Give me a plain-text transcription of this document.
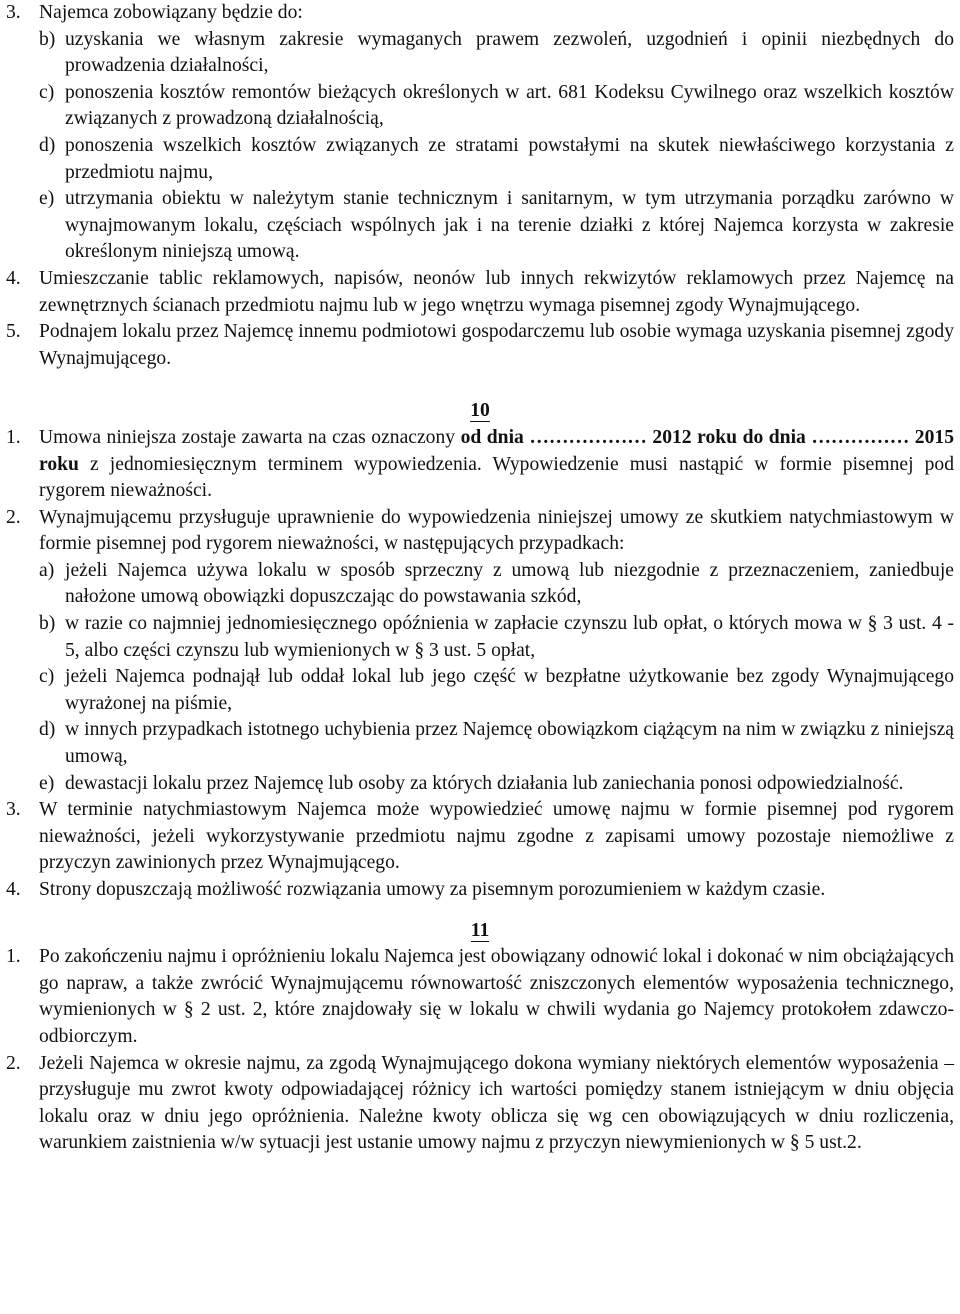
3. Najemca zobowiązany będzie do:
b) uzyskania we własnym zakresie wymaganych prawem zezwoleń, uzgodnień i opinii niezbędnych do prowadzenia działalności,
c) ponoszenia kosztów remontów bieżących określonych w art. 681 Kodeksu Cywilnego oraz wszelkich kosztów związanych z prowadzoną działalnością,
d) ponoszenia wszelkich kosztów związanych ze stratami powstałymi na skutek niewłaściwego korzystania z przedmiotu najmu,
e) utrzymania obiektu w należytym stanie technicznym i sanitarnym, w tym utrzymania porządku zarówno w wynajmowanym lokalu, częściach wspólnych jak i na terenie działki z której Najemca korzysta w zakresie określonym niniejszą umową.
4. Umieszczanie tablic reklamowych, napisów, neonów lub innych rekwizytów reklamowych przez Najemcę na zewnętrznych ścianach przedmiotu najmu lub w jego wnętrzu wymaga pisemnej zgody Wynajmującego.
5. Podnajem lokalu przez Najemcę innemu podmiotowi gospodarczemu lub osobie wymaga uzyskania pisemnej zgody Wynajmującego.
10
1. Umowa niniejsza zostaje zawarta na czas oznaczony od dnia ……………… 2012 roku do dnia …………… 2015 roku z jednomiesięcznym terminem wypowiedzenia. Wypowiedzenie musi nastąpić w formie pisemnej pod rygorem nieważności.
2. Wynajmującemu przysługuje uprawnienie do wypowiedzenia niniejszej umowy ze skutkiem natychmiastowym w formie pisemnej pod rygorem nieważności, w następujących przypadkach:
a) jeżeli Najemca używa lokalu w sposób sprzeczny z umową lub niezgodnie z przeznaczeniem, zaniedbuje nałożone umową obowiązki dopuszczając do powstawania szkód,
b) w razie co najmniej jednomiesięcznego opóźnienia w zapłacie czynszu lub opłat, o których mowa w § 3 ust. 4 - 5, albo części czynszu lub wymienionych w § 3 ust. 5 opłat,
c) jeżeli Najemca podnajął lub oddał lokal lub jego część w bezpłatne użytkowanie bez zgody Wynajmującego wyrażonej na piśmie,
d) w innych przypadkach istotnego uchybienia przez Najemcę obowiązkom ciążącym na nim w związku z niniejszą umową,
e) dewastacji lokalu przez Najemcę lub osoby za których działania lub zaniechania ponosi odpowiedzialność.
3. W terminie natychmiastowym Najemca może wypowiedzieć umowę najmu w formie pisemnej pod rygorem nieważności, jeżeli wykorzystywanie przedmiotu najmu zgodne z zapisami umowy pozostaje niemożliwe z przyczyn zawinionych przez Wynajmującego.
4. Strony dopuszczają możliwość rozwiązania umowy za pisemnym porozumieniem w każdym czasie.
11
1. Po zakończeniu najmu i opróżnieniu lokalu Najemca jest obowiązany odnowić lokal i dokonać w nim obciążających go napraw, a także zwrócić Wynajmującemu równowartość zniszczonych elementów wyposażenia technicznego, wymienionych w § 2 ust. 2, które znajdowały się w lokalu w chwili wydania go Najemcy protokołem zdawczo-odbiorczym.
2. Jeżeli Najemca w okresie najmu, za zgodą Wynajmującego dokona wymiany niektórych elementów wyposażenia – przysługuje mu zwrot kwoty odpowiadającej różnicy ich wartości pomiędzy stanem istniejącym w dniu objęcia lokalu oraz w dniu jego opróżnienia. Należne kwoty oblicza się wg cen obowiązujących w dniu rozliczenia, warunkiem zaistnienia w/w sytuacji jest ustanie umowy najmu z przyczyn niewymienionych w § 5 ust.2.
